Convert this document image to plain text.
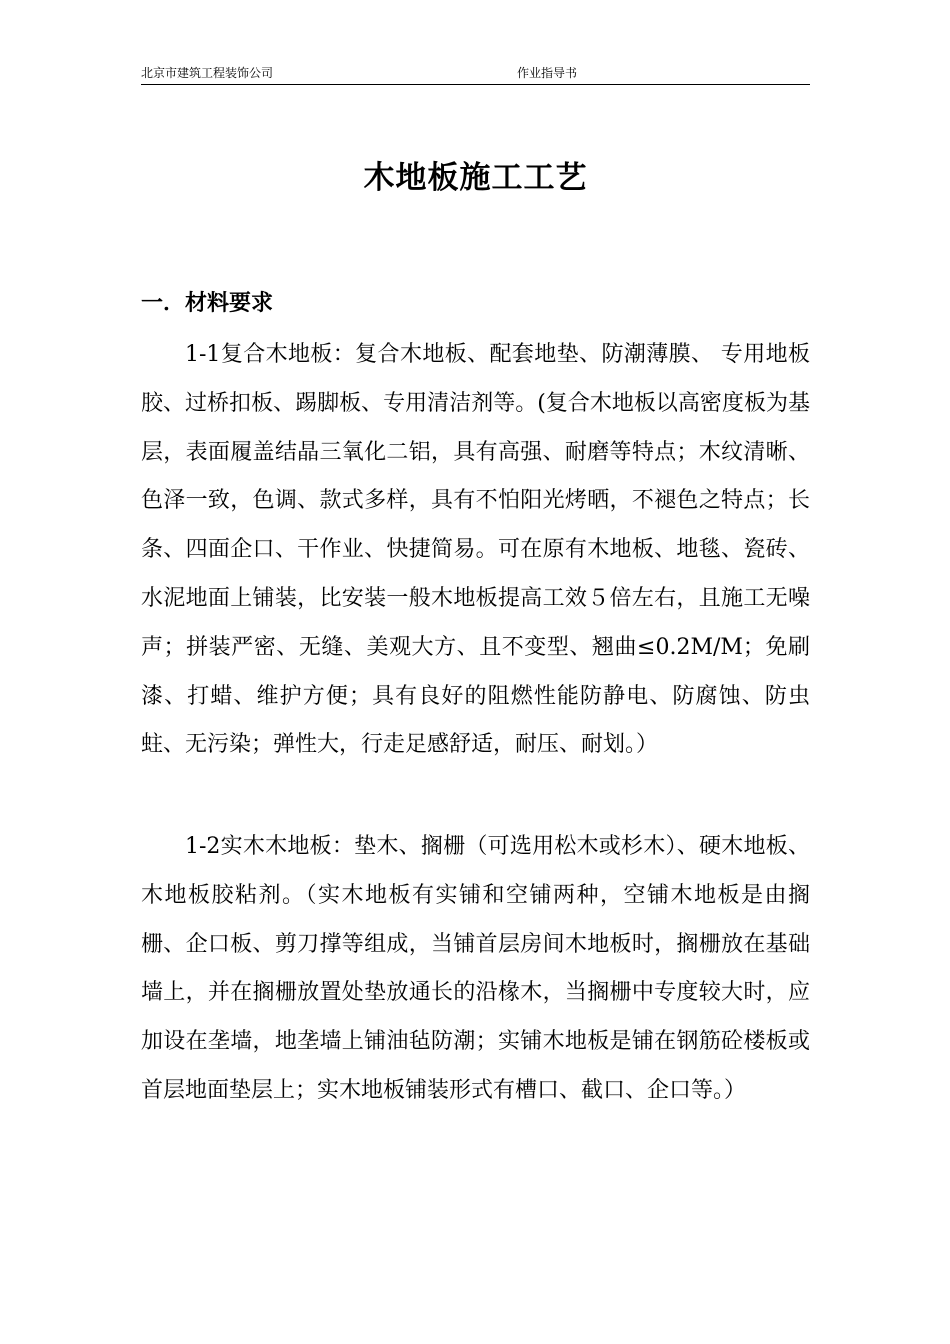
北京市建筑工程装饰公司	作业指导书
木地板施工工艺
一．材料要求

1-1复合木地板：复合木地板、配套地垫、防潮薄膜、 专用地板胶、过桥扣板、踢脚板、专用清洁剂等。(复合木地板以高密度板为基层，表面履盖结晶三氧化二铝，具有高强、耐磨等特点；木纹清晰、色泽一致，色调、款式多样，具有不怕阳光烤晒，不褪色之特点；长条、四面企口、干作业、快捷简易。可在原有木地板、地毯、瓷砖、水泥地面上铺装，比安装一般木地板提高工效５倍左右，且施工无噪声；拼装严密、无缝、美观大方、且不变型、翘曲≤0.2M/M；免刷漆、打蜡、维护方便；具有良好的阻燃性能防静电、防腐蚀、防虫蛀、无污染；弹性大，行走足感舒适，耐压、耐划。）

1-2实木木地板：垫木、搁栅（可选用松木或杉木）、硬木地板、木地板胶粘剂。（实木地板有实铺和空铺两种，空铺木地板是由搁栅、企口板、剪刀撑等组成，当铺首层房间木地板时，搁栅放在基础墙上，并在搁栅放置处垫放通长的沿椽木，当搁栅中专度较大时，应加设在垄墙，地垄墙上铺油毡防潮；实铺木地板是铺在钢筋砼楼板或首层地面垫层上；实木地板铺装形式有槽口、截口、企口等。）
